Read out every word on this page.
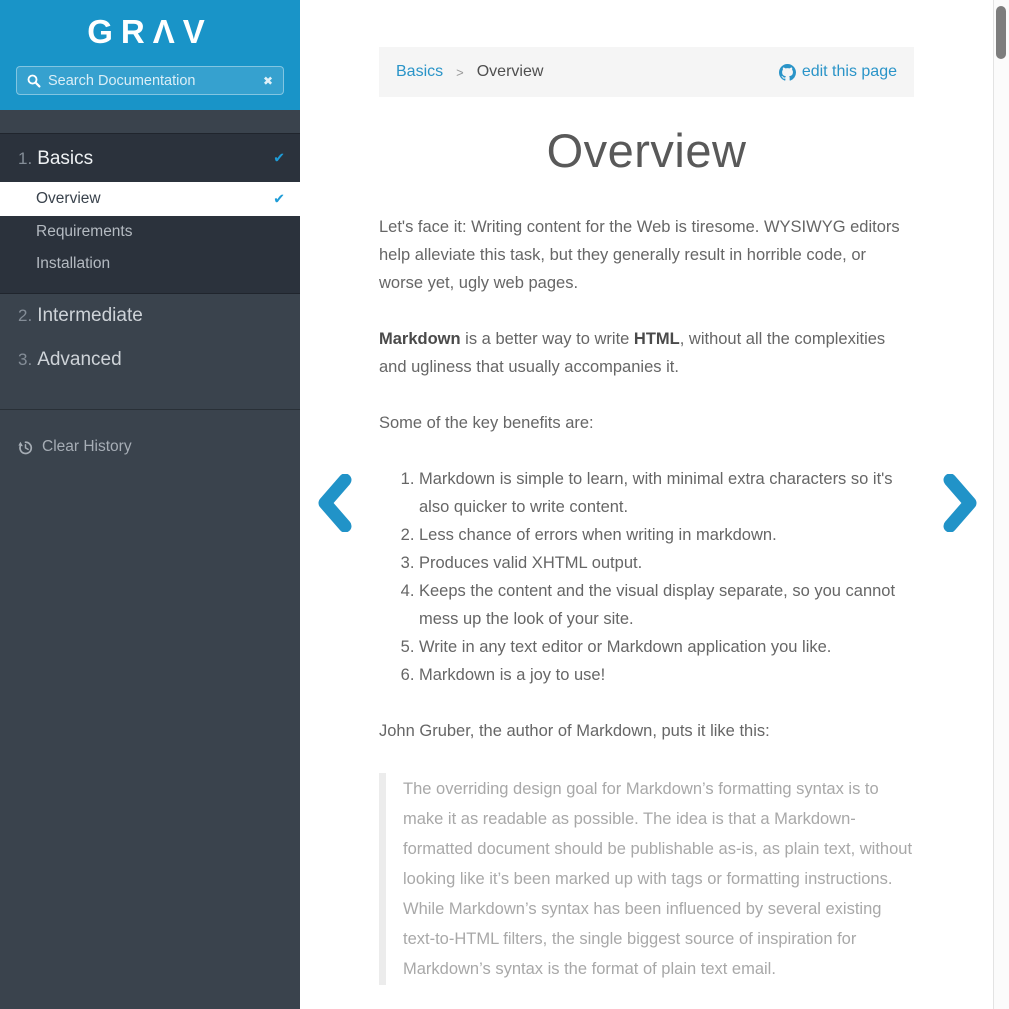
GRΛV
Search Documentation
✖
1. Basics	✔
Overview	✔
Requirements
Installation
2. Intermediate
3. Advanced
Clear History
Basics > Overview	edit this page
Overview

Let's face it: Writing content for the Web is tiresome. WYSIWYG editors help alleviate this task, but they generally result in horrible code, or worse yet, ugly web pages.

Markdown is a better way to write HTML, without all the complexities and ugliness that usually accompanies it.

Some of the key benefits are:

1. Markdown is simple to learn, with minimal extra characters so it's also quicker to write content.
2. Less chance of errors when writing in markdown.
3. Produces valid XHTML output.
4. Keeps the content and the visual display separate, so you cannot mess up the look of your site.
5. Write in any text editor or Markdown application you like.
6. Markdown is a joy to use!

John Gruber, the author of Markdown, puts it like this:

The overriding design goal for Markdown’s formatting syntax is to make it as readable as possible. The idea is that a Markdown-formatted document should be publishable as-is, as plain text, without looking like it’s been marked up with tags or formatting instructions. While Markdown’s syntax has been influenced by several existing text-to-HTML filters, the single biggest source of inspiration for Markdown’s syntax is the format of plain text email.
